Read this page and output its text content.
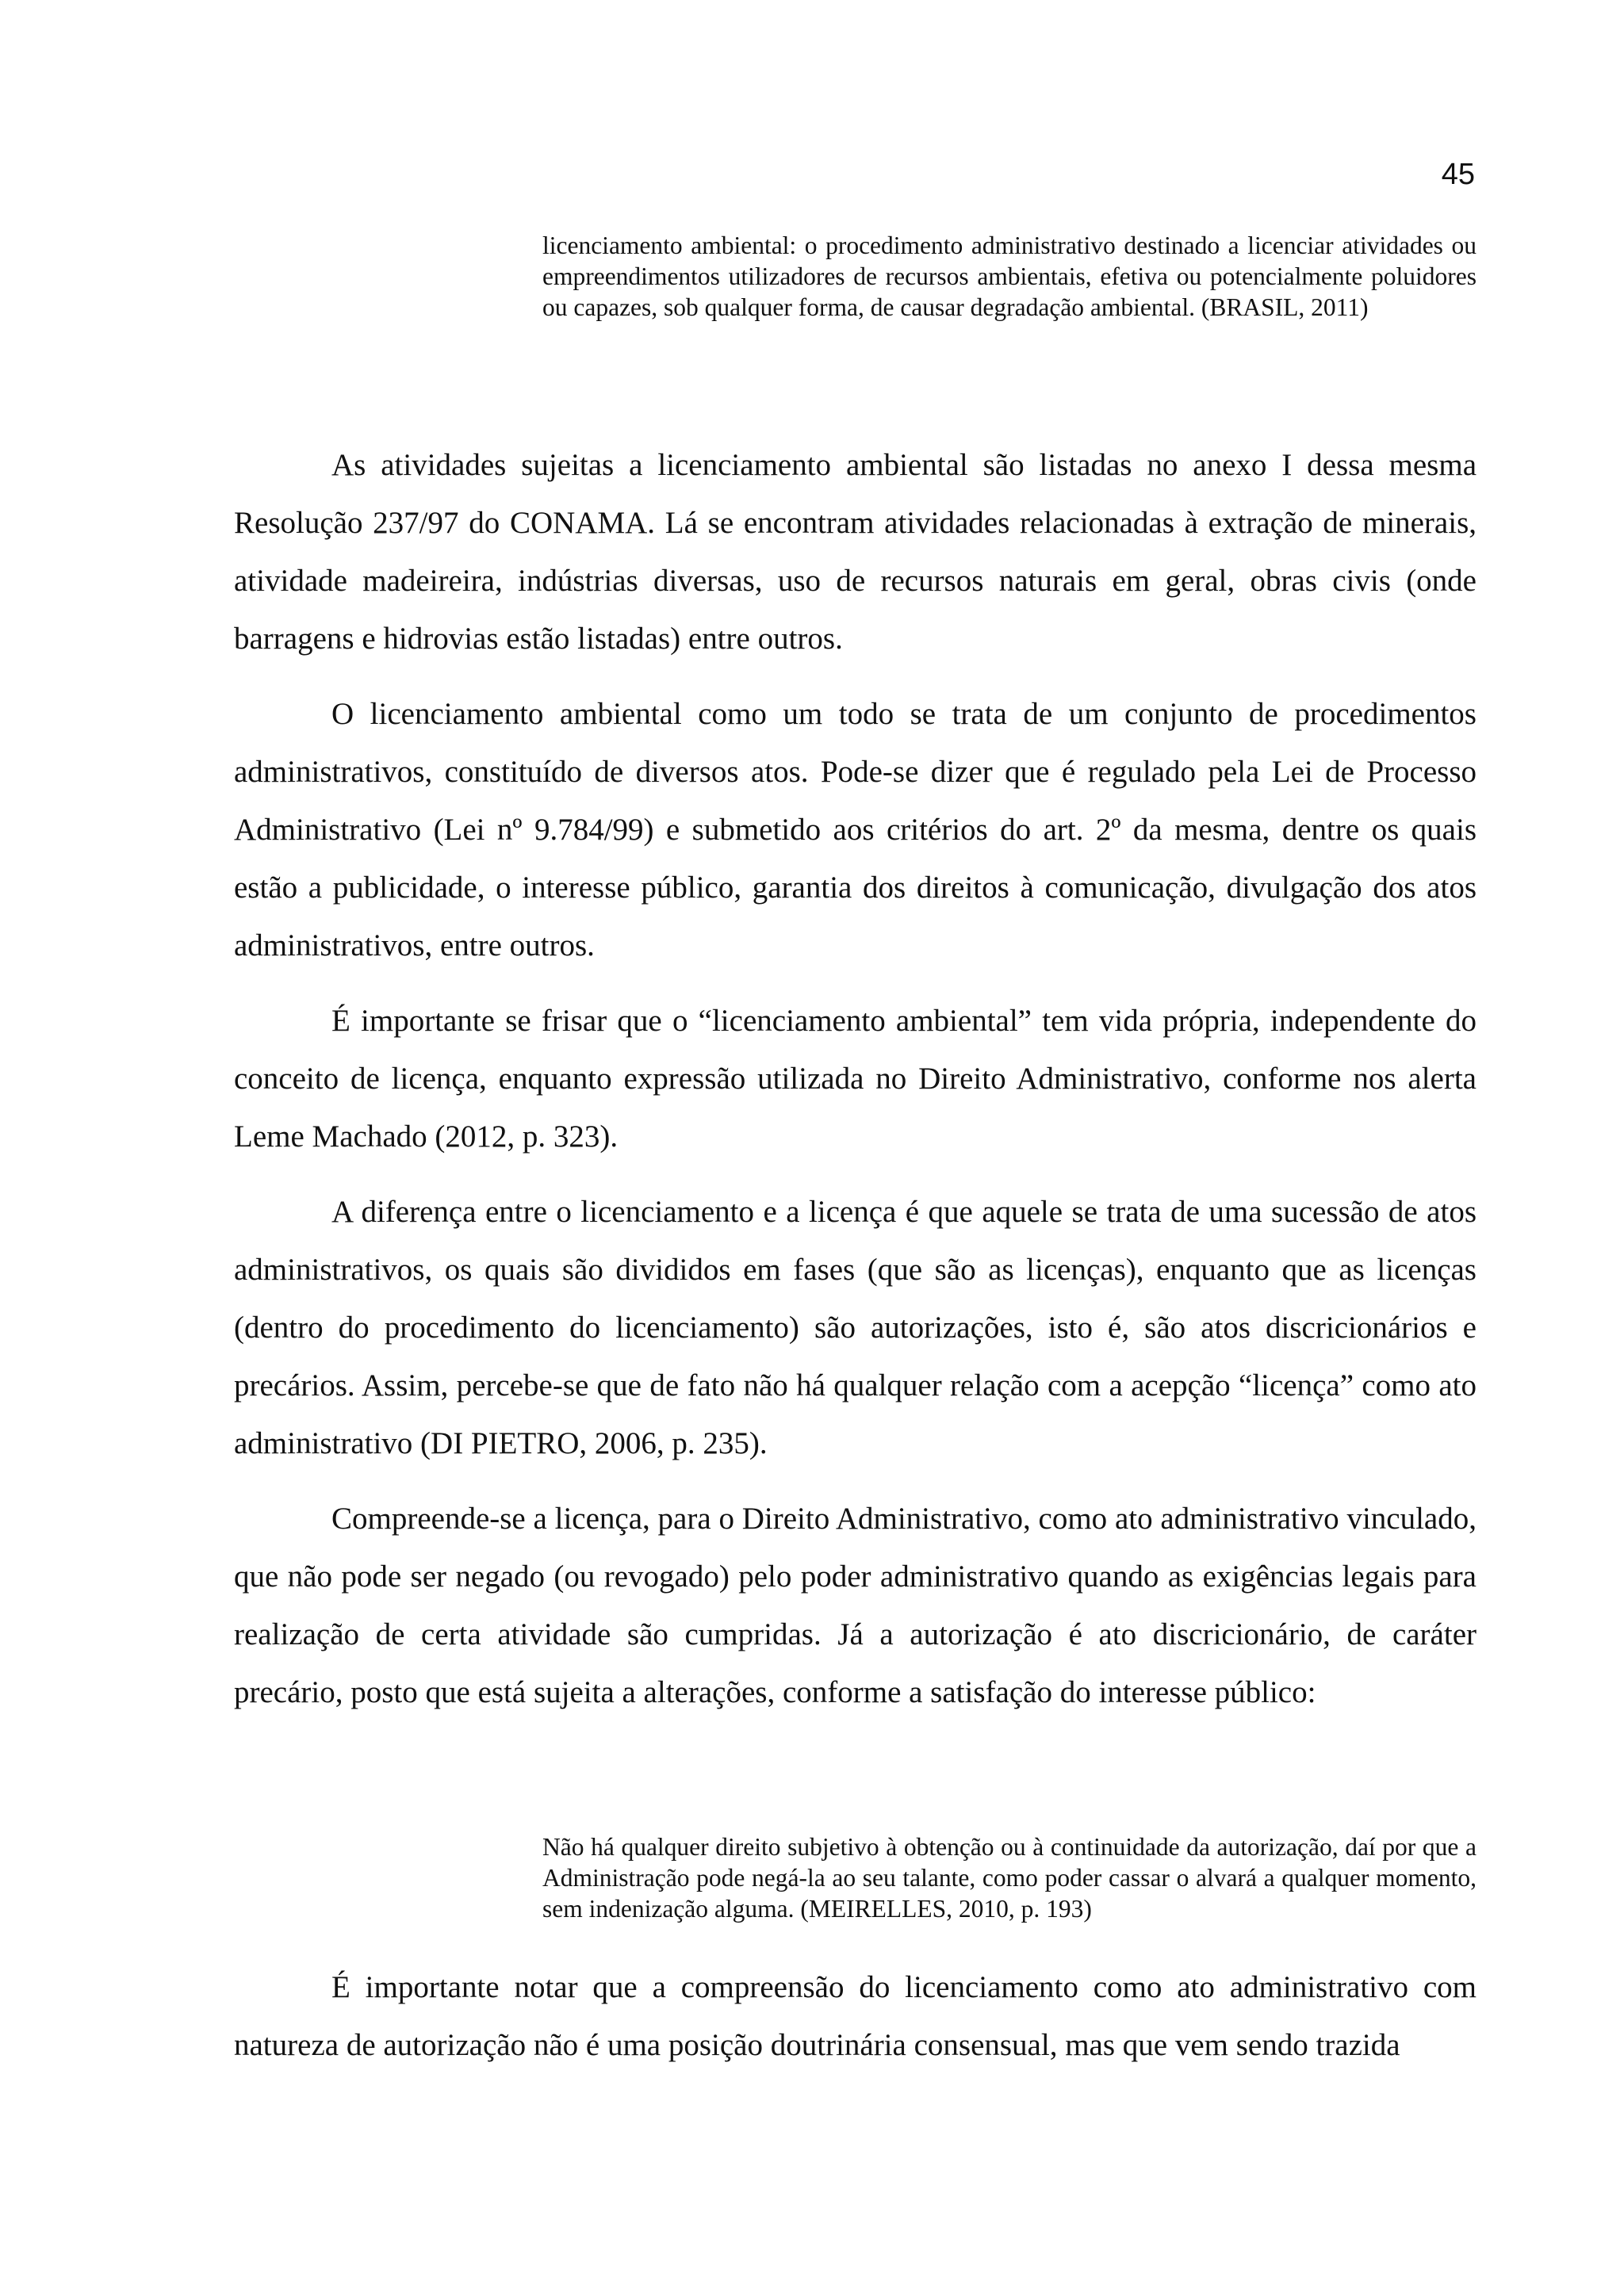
45

licenciamento ambiental: o procedimento administrativo destinado a licenciar atividades ou empreendimentos utilizadores de recursos ambientais, efetiva ou potencialmente poluidores ou capazes, sob qualquer forma, de causar degradação ambiental. (BRASIL, 2011)

As atividades sujeitas a licenciamento ambiental são listadas no anexo I dessa mesma Resolução 237/97 do CONAMA. Lá se encontram atividades relacionadas à extração de minerais, atividade madeireira, indústrias diversas, uso de recursos naturais em geral, obras civis (onde barragens e hidrovias estão listadas) entre outros.

O licenciamento ambiental como um todo se trata de um conjunto de procedimentos administrativos, constituído de diversos atos. Pode-se dizer que é regulado pela Lei de Processo Administrativo (Lei nº 9.784/99) e submetido aos critérios do art. 2º da mesma, dentre os quais estão a publicidade, o interesse público, garantia dos direitos à comunicação, divulgação dos atos administrativos, entre outros.

É importante se frisar que o “licenciamento ambiental” tem vida própria, independente do conceito de licença, enquanto expressão utilizada no Direito Administrativo, conforme nos alerta Leme Machado (2012, p. 323).

A diferença entre o licenciamento e a licença é que aquele se trata de uma sucessão de atos administrativos, os quais são divididos em fases (que são as licenças), enquanto que as licenças (dentro do procedimento do licenciamento) são autorizações, isto é, são atos discricionários e precários. Assim, percebe-se que de fato não há qualquer relação com a acepção “licença” como ato administrativo (DI PIETRO, 2006, p. 235).

Compreende-se a licença, para o Direito Administrativo, como ato administrativo vinculado, que não pode ser negado (ou revogado) pelo poder administrativo quando as exigências legais para realização de certa atividade são cumpridas. Já a autorização é ato discricionário, de caráter precário, posto que está sujeita a alterações, conforme a satisfação do interesse público:

Não há qualquer direito subjetivo à obtenção ou à continuidade da autorização, daí por que a Administração pode negá-la ao seu talante, como poder cassar o alvará a qualquer momento, sem indenização alguma. (MEIRELLES, 2010, p. 193)

É importante notar que a compreensão do licenciamento como ato administrativo com natureza de autorização não é uma posição doutrinária consensual, mas que vem sendo trazida
